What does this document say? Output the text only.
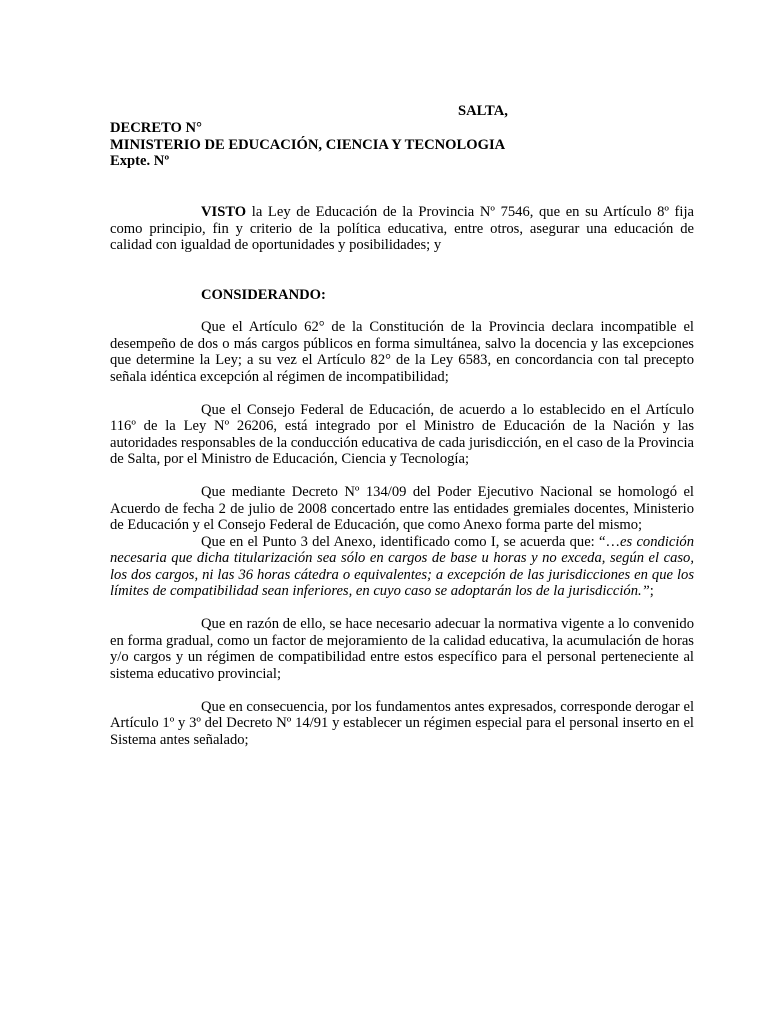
SALTA,
DECRETO N°
MINISTERIO DE EDUCACIÓN, CIENCIA Y TECNOLOGIA
Expte. Nº

VISTO la Ley de Educación de la Provincia Nº 7546, que en su Artículo 8º fija como principio, fin y criterio de la política educativa, entre otros, asegurar una educación de calidad con igualdad de oportunidades y posibilidades; y

CONSIDERANDO:

Que el Artículo 62° de la Constitución de la Provincia declara incompatible el desempeño de dos o más cargos públicos en forma simultánea, salvo la docencia y las excepciones que determine la Ley; a su vez el Artículo 82° de la Ley 6583, en concordancia con tal precepto señala idéntica excepción al régimen de incompatibilidad;

Que el Consejo Federal de Educación, de acuerdo a lo establecido en el Artículo 116º de la Ley Nº 26206, está integrado por el Ministro de Educación de la Nación y las autoridades responsables de la conducción educativa de cada jurisdicción, en el caso de la Provincia de Salta, por el Ministro de Educación, Ciencia y Tecnología;

Que mediante Decreto Nº 134/09 del Poder Ejecutivo Nacional se homologó el Acuerdo de fecha 2 de julio de 2008 concertado entre las entidades gremiales docentes, Ministerio de Educación y el Consejo Federal de Educación, que como Anexo forma parte del mismo;

Que en el Punto 3 del Anexo, identificado como I, se acuerda que: “…es condición necesaria que dicha titularización sea sólo en cargos de base u horas y no exceda, según el caso, los dos cargos, ni las 36 horas cátedra o equivalentes; a excepción de las jurisdicciones en que los límites de compatibilidad sean inferiores, en cuyo caso se adoptarán los de la jurisdicción.”;

Que en razón de ello, se hace necesario adecuar la normativa vigente a lo convenido en forma gradual, como un factor de mejoramiento de la calidad educativa, la acumulación de horas y/o cargos y un régimen de compatibilidad entre estos específico para el personal perteneciente al sistema educativo provincial;

Que en consecuencia, por los fundamentos antes expresados, corresponde derogar el Artículo 1º y 3º del Decreto Nº 14/91 y establecer un régimen especial para el personal inserto en el Sistema antes señalado;
